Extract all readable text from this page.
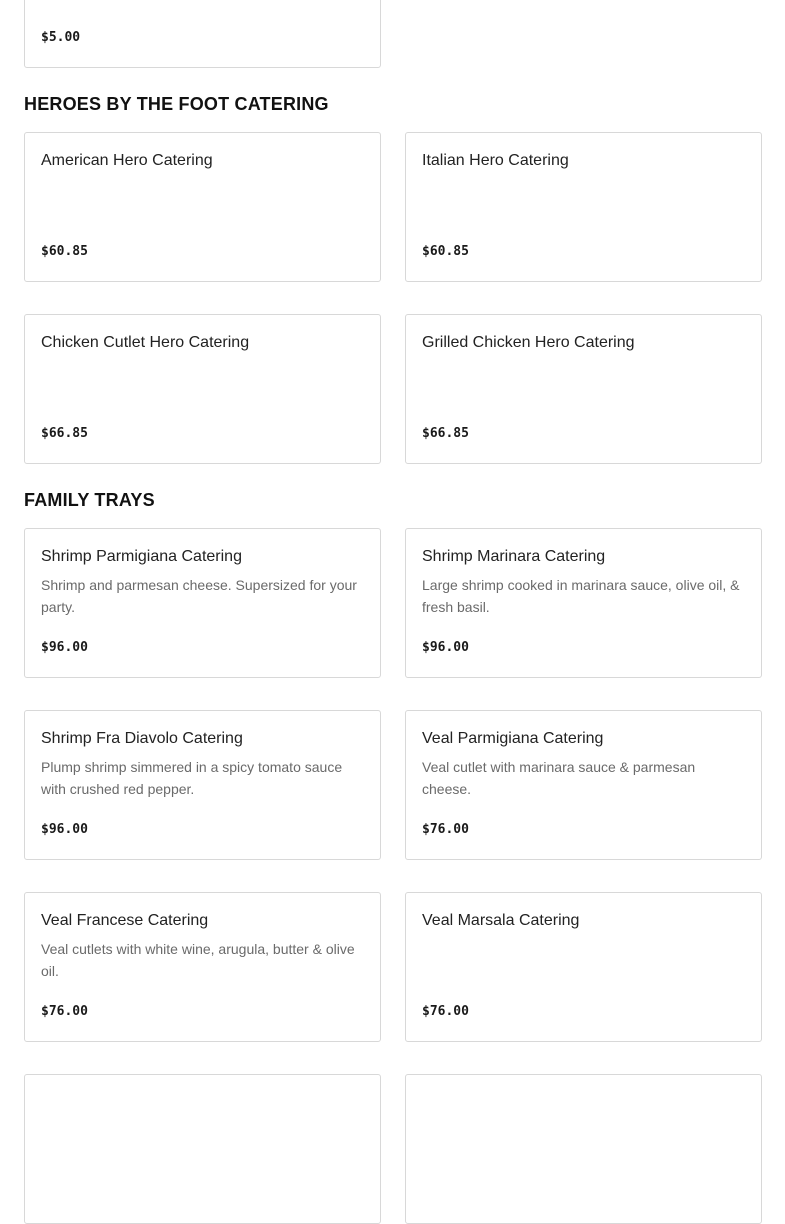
$5.00
HEROES BY THE FOOT CATERING
American Hero Catering
$60.85
Italian Hero Catering
$60.85
Chicken Cutlet Hero Catering
$66.85
Grilled Chicken Hero Catering
$66.85
FAMILY TRAYS
Shrimp Parmigiana Catering
Shrimp and parmesan cheese. Supersized for your party.
$96.00
Shrimp Marinara Catering
Large shrimp cooked in marinara sauce, olive oil, & fresh basil.
$96.00
Shrimp Fra Diavolo Catering
Plump shrimp simmered in a spicy tomato sauce with crushed red pepper.
$96.00
Veal Parmigiana Catering
Veal cutlet with marinara sauce & parmesan cheese.
$76.00
Veal Francese Catering
Veal cutlets with white wine, arugula, butter & olive oil.
$76.00
Veal Marsala Catering
$76.00
